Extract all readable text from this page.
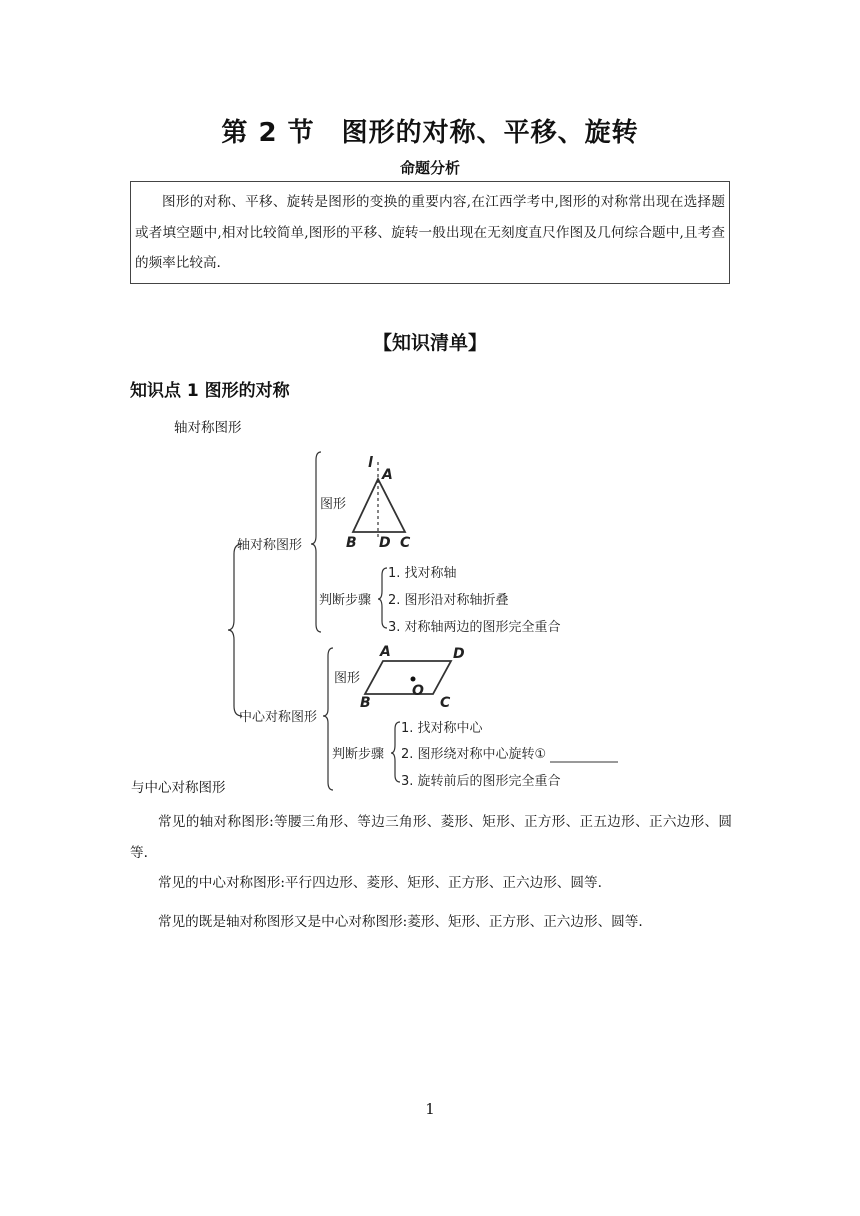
第 2 节　图形的对称、平移、旋转
命题分析
图形的对称、平移、旋转是图形的变换的重要内容,在江西学考中,图形的对称常出现在选择题或者填空题中,相对比较简单,图形的平移、旋转一般出现在无刻度直尺作图及几何综合题中,且考查的频率比较高.
【知识清单】
知识点 1 图形的对称
轴对称图形
轴对称图形
图形
判断步骤
1. 找对称轴
2. 图形沿对称轴折叠
3. 对称轴两边的图形完全重合
l
A
B D C
中心对称图形
图形
判断步骤
1. 找对称中心
2. 图形绕对称中心旋转①
3. 旋转前后的图形完全重合
A	D
O
B	C
与中心对称图形

常见的轴对称图形:等腰三角形、等边三角形、菱形、矩形、正方形、正五边形、正六边形、圆等.

常见的中心对称图形:平行四边形、菱形、矩形、正方形、正六边形、圆等.

常见的既是轴对称图形又是中心对称图形:菱形、矩形、正方形、正六边形、圆等.

1
